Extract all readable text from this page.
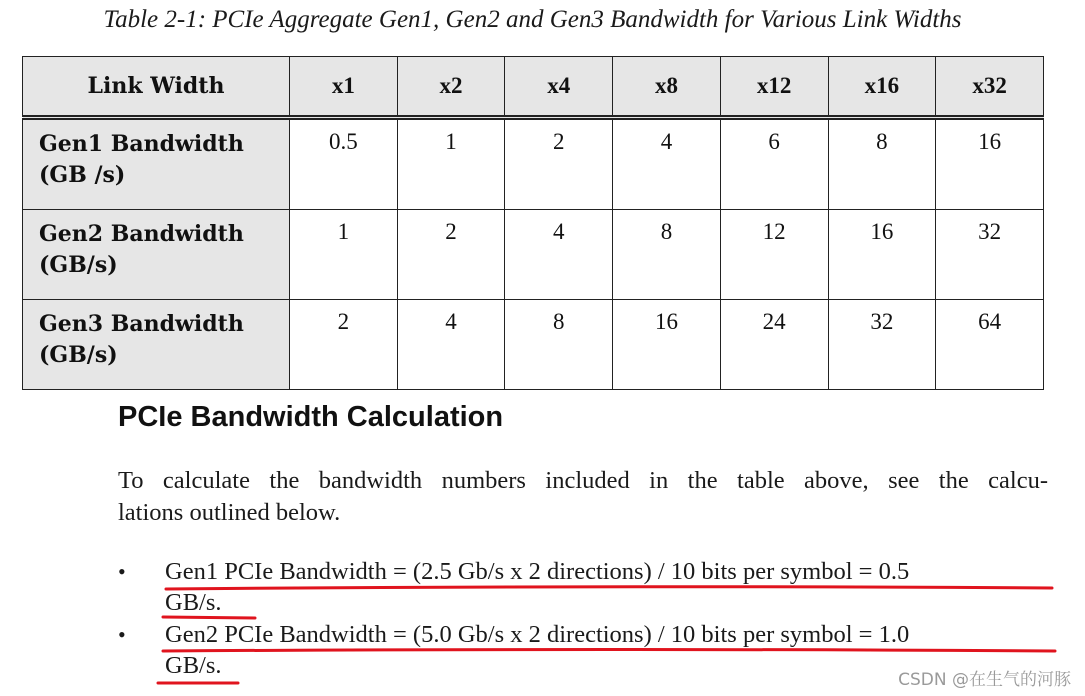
Table 2-1: PCIe Aggregate Gen1, Gen2 and Gen3 Bandwidth for Various Link Widths
Link Width	x1	x2	x4	x8	x12	x16	x32
Gen1 Bandwidth
(GB /s)	0.5	1	2	4	6	8	16
Gen2 Bandwidth
(GB/s)	1	2	4	8	12	16	32
Gen3 Bandwidth
(GB/s)	2	4	8	16	24	32	64
PCIe Bandwidth Calculation
To calculate the bandwidth numbers included in the table above, see the calcu-
lations outlined below.
• Gen1 PCIe Bandwidth = (2.5 Gb/s x 2 directions) / 10 bits per symbol = 0.5
GB/s.
• Gen2 PCIe Bandwidth = (5.0 Gb/s x 2 directions) / 10 bits per symbol = 1.0
GB/s.
CSDN @在生气的河豚
